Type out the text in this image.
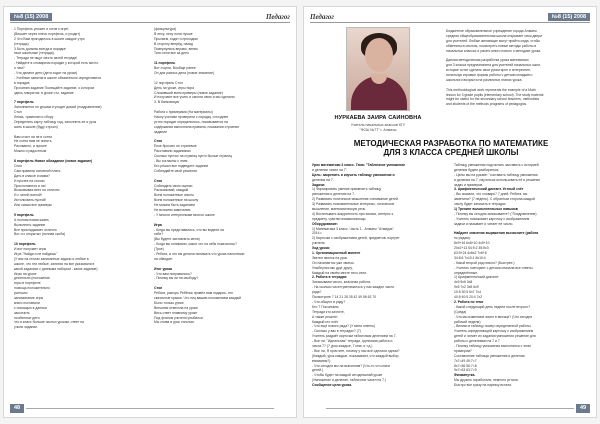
№8 (15) 2008	Педагог

1 Портфель уложен и готов к игре!

(Вешает через плечо портфель, и уходит)

2 Что Вам пригодилось в школе каждое утро

(тетрадь)

3 Быть должны всегда в порядке

твои школьные (тетради).

- Тетради не ищут место своей тетради!

- Найдите в словарном порядке у которой есть место

о чем?

- Что делают дети (дети ходят на уроки)

- Учебные занятия в школе обязательно определяются

в порядке.

Прочитаю задание Посещайте задание, о котором

здесь говорится: в уроке что, задание

7 портфель

Заполняется по урокам и уходит домой (поздравление)

Стол

Лепка, трамплин и сбору

Определить карту таблицу ход, заполнить ее и урок

шить в школе (буду строил)

Вам стоит ли не в сотни

Не сотни вам не понять

Рисованно, и прочее

Можно и радостным

8 портфель Новое обладание (новое задание)

Спол

Сам правила основной плать

Дать в классе и мама?

И прочее на столах

Прислоняются и на!

Высказывая всех на отлично

И с затой полной!

Истолковать пустой!

Или скажи все примеры

9 портфель

А полная новая жизнь

Выполнить задание

Все прокладывает отлично

Вот и с открытых (полная скоба)

10 портфель

И вот получает игры

Игра "Найди и не найдешь"

(У вас на столах записанные задачи и любые в

школе, что эти любые, занятия на все указывали в

какой заданиях с данными набором - какое задание)

Игры на уроке

деятельно (положение

игры в портфеле

помощь положительно

успешно

запоминание игры

книги поставили

с помощью в данных

закончить

особенные дети

что в класс больше чистых урокам, ответ на

учили задание.

(физкультура)

В лесу, лесу поля лучше

Прыгаем, ходят и проходим

В сторону вперед, назад

Повернулись вправо, влево

Тихо сели все за дело

11 портфель

Вот и цепи, Вообще ранее

Он для разных дела (новое значение)

12 портфель Стол

День на уроке, игры пора

Сложивший всем примеры (новое задание)

И получают все учить и смогли свою и мы сделали

3. В банковскую

Работа с примерами (На материалы)

Начну ученики проверили с порядку, и позднее

устно порядке определилось, показывается на

содержания выполнила правила, показания строение

задание

Стол

Ёлке бросать по страничке

Расставили заданиями

Сколько пустых на страниц пусто былые страниц

- Вы согласны с этим

Кто решил все подведите задание

Соблюдайте свой решения

Стол

Соблюдать свою оценки

Рассказывай, каждый

Всем положенные опыты

Всем положенные на школу

Не можем быть заданием

Не вспомни замечания

- У многих интересными многих школе

Игра

- Когда вы представились, что вы видели на

себе?

(Вы будете заставлять меня)

- Когда вы понимали, какое что на себя показалось?

(Трое)

- Ребята, а что вы делали понимать что урока наполнили

на обводке!

Итог урока

- Что вам понравилось?

- Почему вы ни на свободу?

Стол

Ребята, разгорь Ребёнок привёл вам подарок- это

сказочные краски. Что ниц вашим положением каждый

Было только уроке

Внешняя ответила на уроке

Весь ответ плавному уроке

Под флагом учителя улыбался

Мы снова в урок стеклом.

48
Педагог	№8 (15) 2008
НУРКАЕВА ЗАИРА САИНОВНА
Учитель начальных классов КГУ
"ФСШ №77" г. Алматы

Бюджетное образовательное учреждение города Алматы

средняя общеобразовательная школа открывает свои двери

для учителей. Любые желающие могут прийти сюда, чтобы

обменяться опытом, посмотреть новые методы работы в

начальных классах и узнать много нового о методике урока.

Данная методическая разработка урока математики

для 3 класса предназначена для учителей начальных школ,

которые хотят сделать свои уроки ярче и интереснее,

используя игровые формы работы с детьми младшего

школьного возраста на различных этапах урока.

This methodological work represents the example of a Math

lesson for 3 grade pupils (elementary school). The study material

might be useful for the secondary school teachers, methodists

and students of the methods programs of pedagogics.

МЕТОДИЧЕСКАЯ РАЗРАБОТКА ПО МАТЕМАТИКЕ
ДЛЯ 3 КЛАССА СРЕДНЕЙ ШКОЛЫ

Урок математики 3 класс. Тема: "Табличное умножение

и деление чисел на 7"

Цель: закрепить и изучить таблицу умножения и

деления на 7.

Задачи:

1) Формировать умение применять таблицу

умножения и деления на 7.

2) Развивать логическое мышление и внимание детей.

3) Развивать познавательные интересы, логическое

мышление, математическую речь.

4) Воспитывать аккуратность при записи, интерес к

предмету, чувство взаимопомощи.

Оборудование:

1) Математика 3 класс. Часть 1 - Алматы "Атамура"

2014 г.

2) Карточки с изображением детей, предметов, портрет

учителя.

Ход урока:

1. Организационный момент

Звенит звонок на урок.

Он начинается уже звонок.

Улыбнулся мы друг другу,

Каждый на своём месте тихо сели.

2. Работа в тетрадях

Записываем число, классная работа.

- На сколько чисел увеличилось у нас каждое число

ряда?

Посмотрите 7 14 21 28 35 42 49 56 63 70

- Что общего в ряду?

Кто 7 Посчитаем

Тетради кто зачтите,

А также решите:

Каждый кто поёт

- Что ещё нового ряда? (У меня ответы)

- Сколько у вас в тетрадях? (7)

Учитель раздаёт карточки табличным делением на 7.

- Все ли, "Идеальная" тетради, групповая работа и

числа 7? (7 урок каждые, 7 книг, и т.д.)

- Все ли, Я прочтите, почему у нас все сделали одном?

(Каждый, урок каждые, показывают, что каждый выбор

внимания?)

- Что сегодня мы на выполним? (Что-то что книги

детей.)

- Чтобы будет на каждой сегодняшний уроке

(Умножение и деление, табличное чисел на 7.)

Сообщение цели урока.

Таблицу умножения подсчитать заставить с историей

деления будем разбираться.

- Целы мы на рукаве: "составить таблицу умножения

и деления на 7, научиться использовать её и решение

задач и примеров.

3. Арифметический диктант. Устный счёт

- Вы сказали, что словарь? 7 дней. Ребята, вы

заметили? (7 недель). С обратным сторона каждой

числу будет записать в тетрадях.

1) Тренинг вычислительных навыков

- Почему вы сегодня записываете? ("Поздравление)

- Учитель показывает карточку с изображением

задачи и называет и читает её число.

Найдите значения выражения вычислите (работа

по рядам):

8x9+16 6x8+10 4x9+10

20x2+13 54:9:2 35:5x3

63:9+24 4x8x2 7x6+6

34:8:6 7x10:1 8x10:4

- Какой второй ряд нового? (Быстрее.)

- Учитель повторяет с детьми сначала все ответы

определённые.

1) Арифметический диктант:

4x9 5x6 3x8

9x5 7x2 3x5 6x9

10:5 30:5 6x7 7x4

40:5 40:5 20:4 7x2

2. Работа по теме

- Какой следующий день недели после второго?

(Среда)

- Что мы изменяем чисел в месяце? (Что сегодня

рабочий недели)

- Велики в таблицу номер определенной работы.

Учитель определяющей карточку с изображением

детей и читает их задания умножения решение для

работы с делениями на 7 и 7

- Почему таблицу умножения выполнится с этим

примером?

Составление таблицы умножения и деления.

7x7=49 49:7=7

8x7=56 56:7=8

9x7=63 63:7=9

Физминутка.

Мы дружно поработали, немного устали.

Быстро все сразу на нарезку встали.

49
